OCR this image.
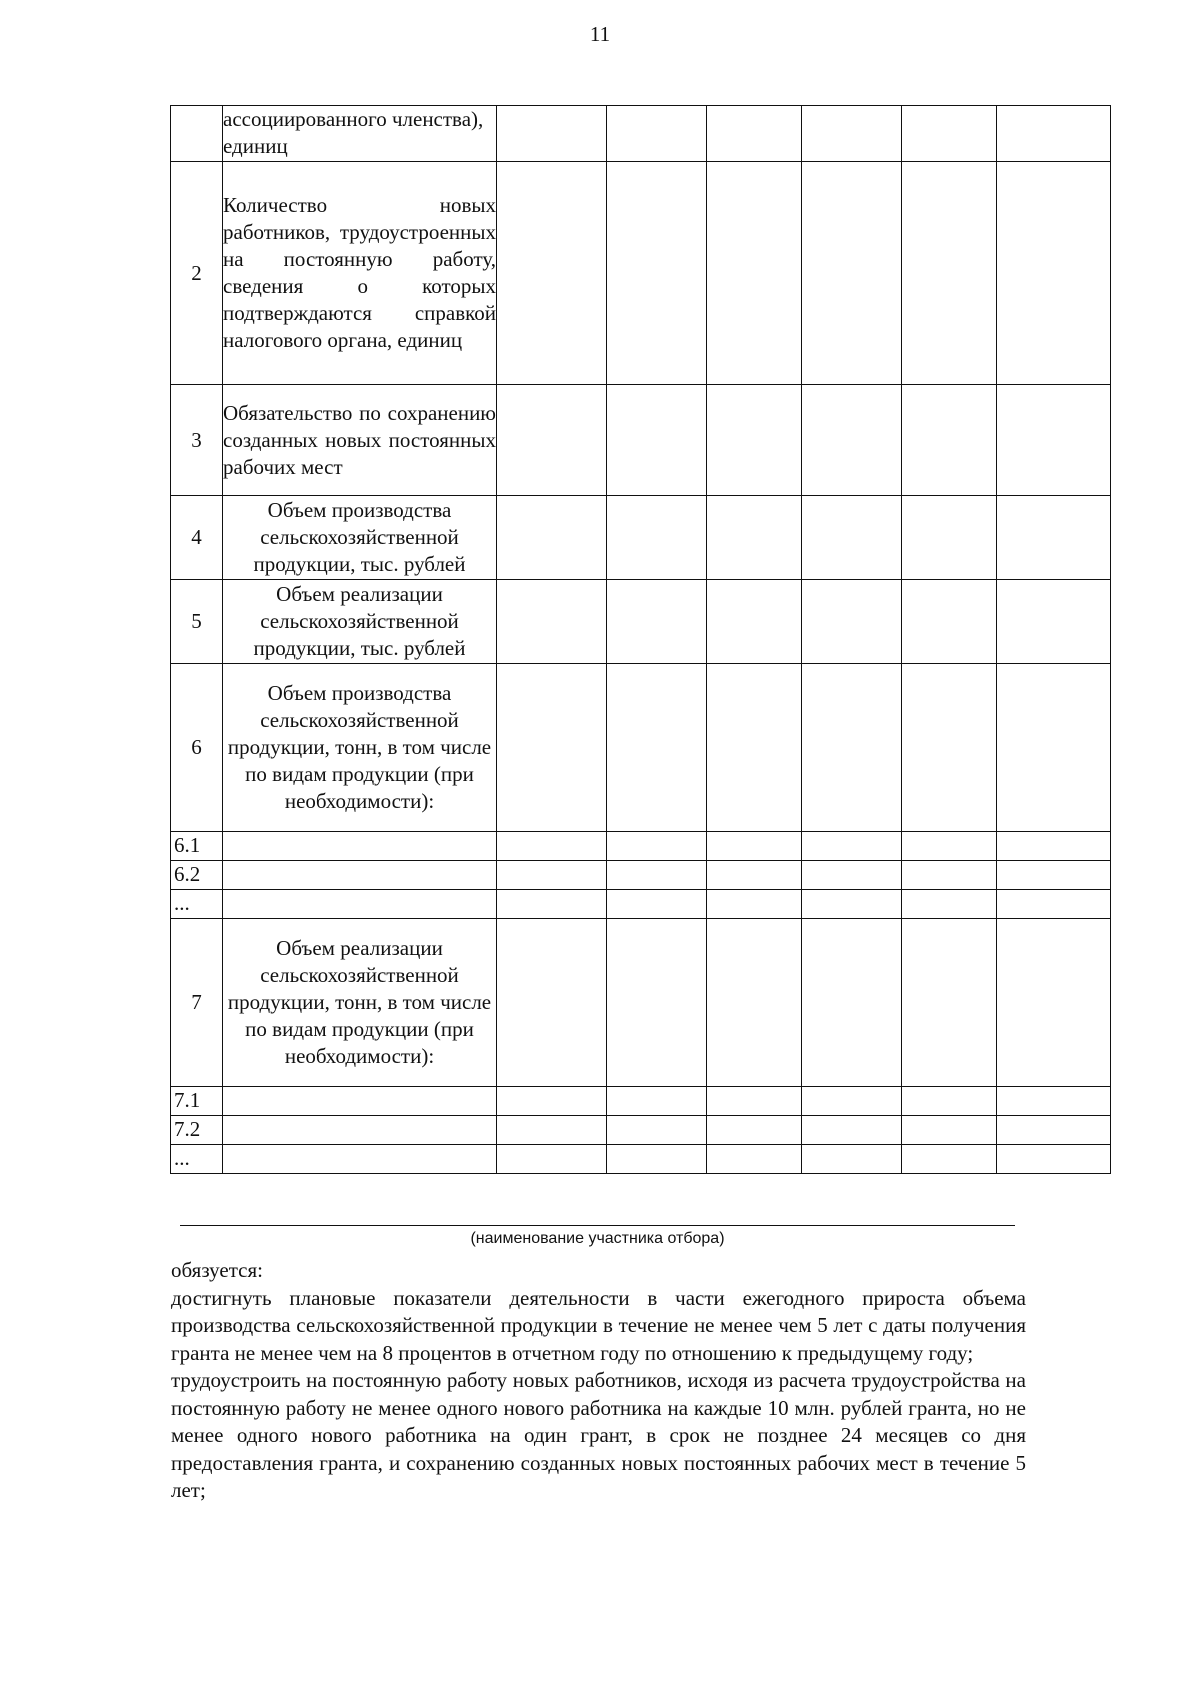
11
	ассоциированного членства), единиц						
2	Количество новых работников, трудоустроенных на постоянную работу, сведения о которых подтверждаются справкой налогового органа, единиц						
3	Обязательство по сохранению созданных новых постоянных рабочих мест						
4	Объем производства сельскохозяйственной продукции, тыс. рублей						
5	Объем реализации сельскохозяйственной продукции, тыс. рублей						
6	Объем производства сельскохозяйственной продукции, тонн, в том числе по видам продукции (при необходимости):						
6.1							
6.2							
...							
7	Объем реализации сельскохозяйственной продукции, тонн, в том числе по видам продукции (при необходимости):						
7.1							
7.2							
...							
(наименование участника отбора)

обязуется:

достигнуть плановые показатели деятельности в части ежегодного прироста объема производства сельскохозяйственной продукции в течение не менее чем 5 лет с даты получения гранта не менее чем на 8 процентов в отчетном году по отношению к предыдущему году;

трудоустроить на постоянную работу новых работников, исходя из расчета трудоустройства на постоянную работу не менее одного нового работника на каждые 10 млн. рублей гранта, но не менее одного нового работника на один грант, в срок не позднее 24 месяцев со дня предоставления гранта, и сохранению созданных новых постоянных рабочих мест в течение 5 лет;
